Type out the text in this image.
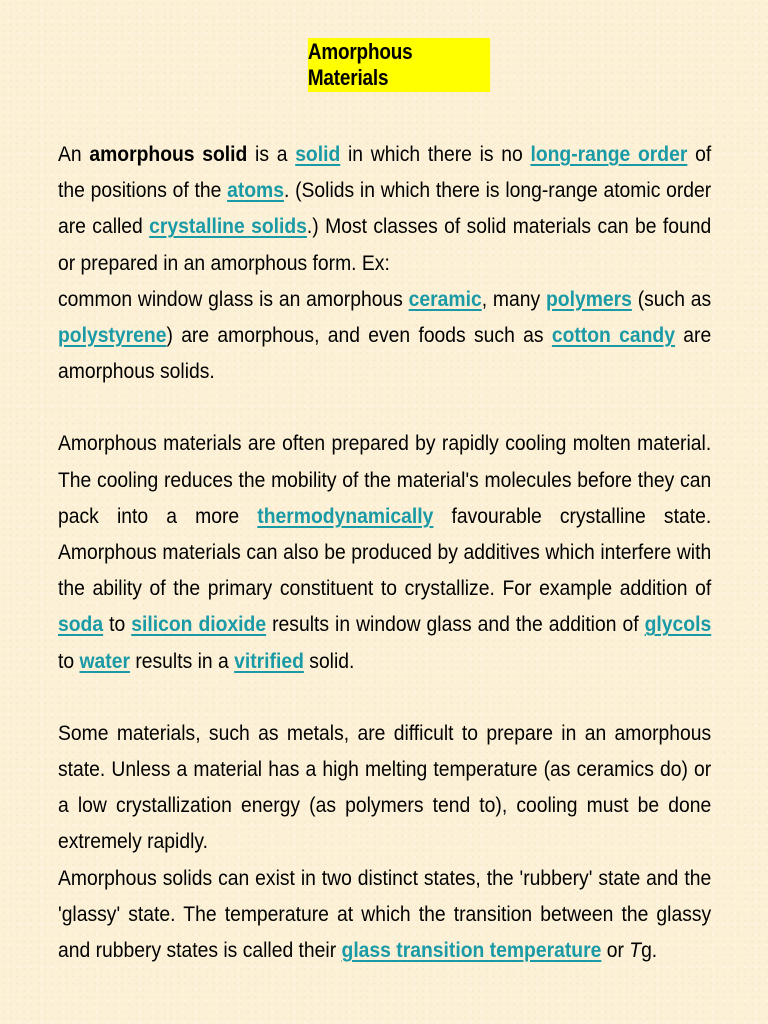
Amorphous Materials

An amorphous solid is a solid in which there is no long-range order of the positions of the atoms. (Solids in which there is long-range atomic order are called crystalline solids.) Most classes of solid materials can be found or prepared in an amorphous form. Ex:

common window glass is an amorphous ceramic, many polymers (such as polystyrene) are amorphous, and even foods such as cotton candy are amorphous solids.

Amorphous materials are often prepared by rapidly cooling molten material. The cooling reduces the mobility of the material's molecules before they can pack into a more thermodynamically favourable crystalline state. Amorphous materials can also be produced by additives which interfere with the ability of the primary constituent to crystallize. For example addition of soda to silicon dioxide results in window glass and the addition of glycols to water results in a vitrified solid.

Some materials, such as metals, are difficult to prepare in an amorphous state. Unless a material has a high melting temperature (as ceramics do) or a low crystallization energy (as polymers tend to), cooling must be done extremely rapidly.

Amorphous solids can exist in two distinct states, the 'rubbery' state and the 'glassy' state. The temperature at which the transition between the glassy and rubbery states is called their glass transition temperature or Tg.
